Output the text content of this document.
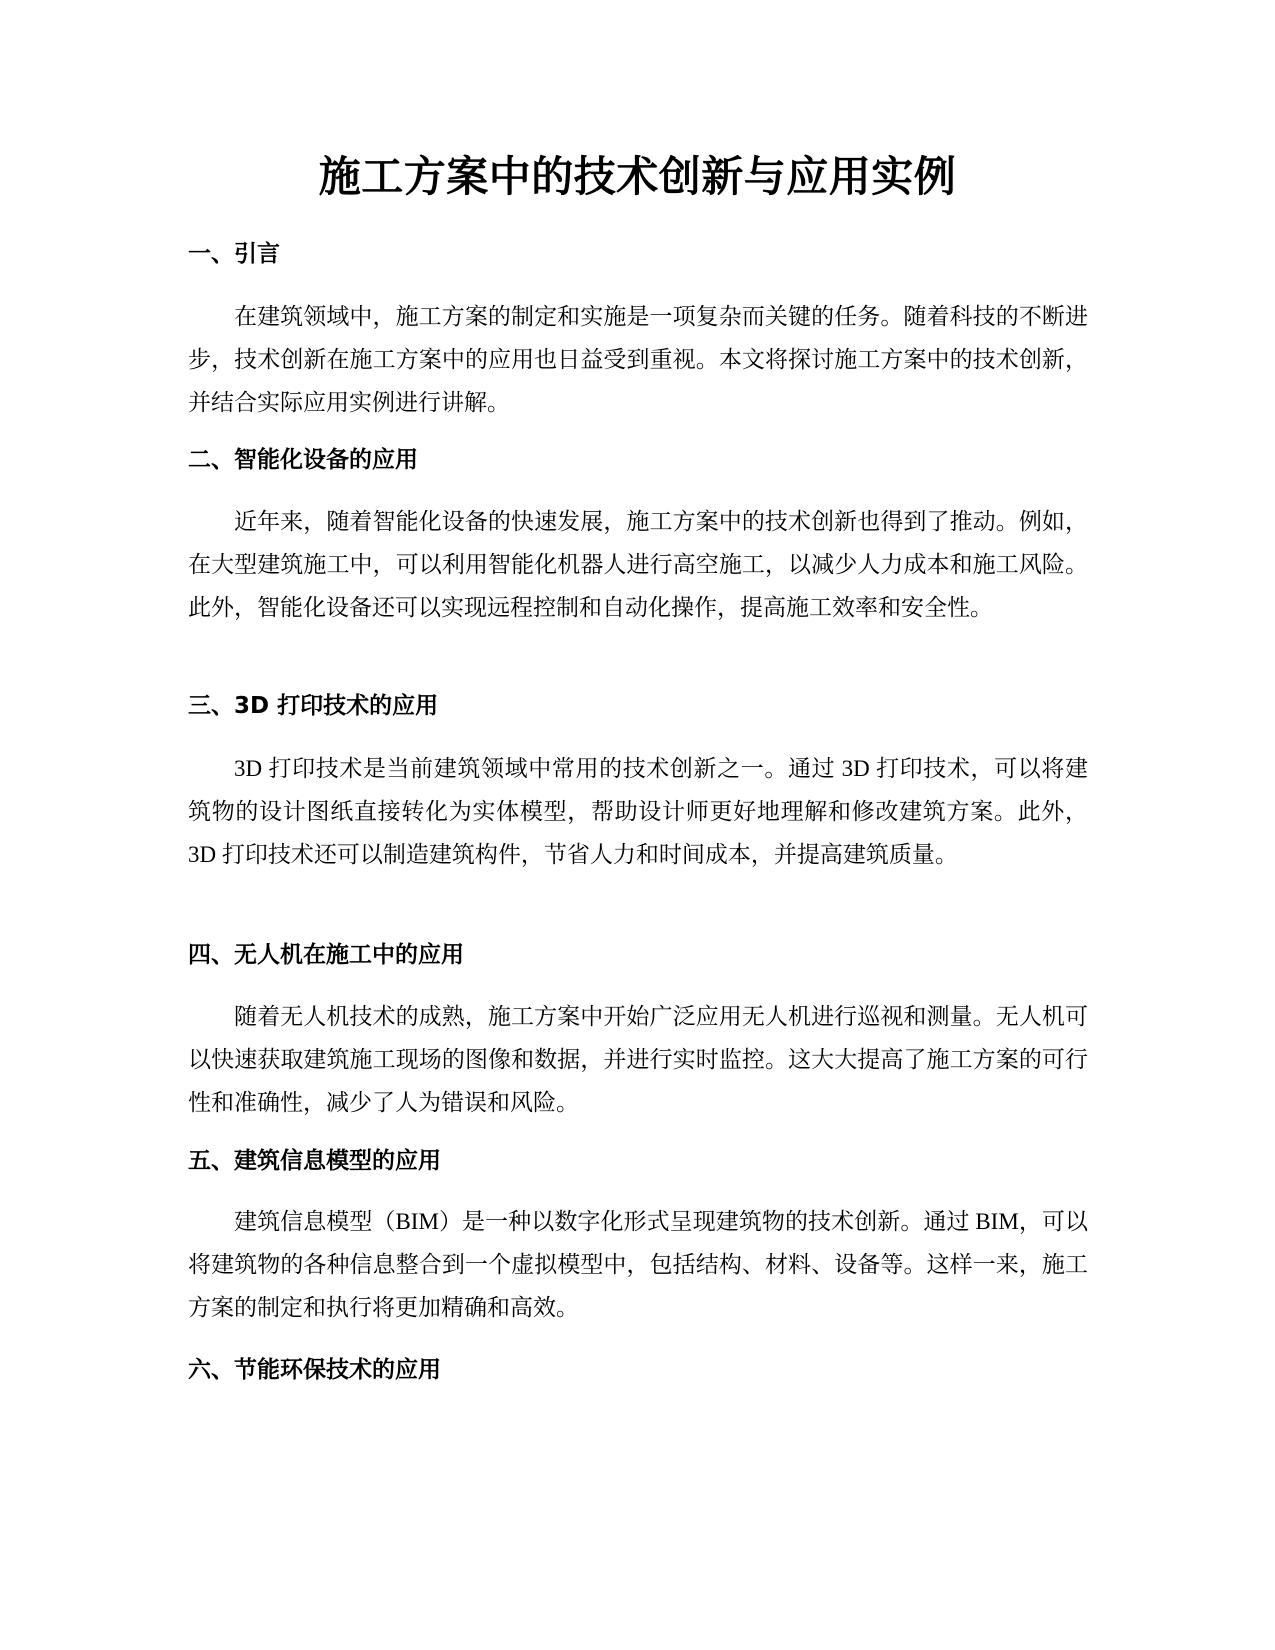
施工方案中的技术创新与应用实例
一、引言

在建筑领域中，施工方案的制定和实施是一项复杂而关键的任务。随着科技的不断进步，技术创新在施工方案中的应用也日益受到重视。本文将探讨施工方案中的技术创新，并结合实际应用实例进行讲解。

二、智能化设备的应用

近年来，随着智能化设备的快速发展，施工方案中的技术创新也得到了推动。例如，在大型建筑施工中，可以利用智能化机器人进行高空施工，以减少人力成本和施工风险。此外，智能化设备还可以实现远程控制和自动化操作，提高施工效率和安全性。

三、3D 打印技术的应用

3D 打印技术是当前建筑领域中常用的技术创新之一。通过 3D 打印技术，可以将建筑物的设计图纸直接转化为实体模型，帮助设计师更好地理解和修改建筑方案。此外，3D 打印技术还可以制造建筑构件，节省人力和时间成本，并提高建筑质量。

四、无人机在施工中的应用

随着无人机技术的成熟，施工方案中开始广泛应用无人机进行巡视和测量。无人机可以快速获取建筑施工现场的图像和数据，并进行实时监控。这大大提高了施工方案的可行性和准确性，减少了人为错误和风险。

五、建筑信息模型的应用

建筑信息模型（BIM）是一种以数字化形式呈现建筑物的技术创新。通过 BIM，可以将建筑物的各种信息整合到一个虚拟模型中，包括结构、材料、设备等。这样一来，施工方案的制定和执行将更加精确和高效。

六、节能环保技术的应用
